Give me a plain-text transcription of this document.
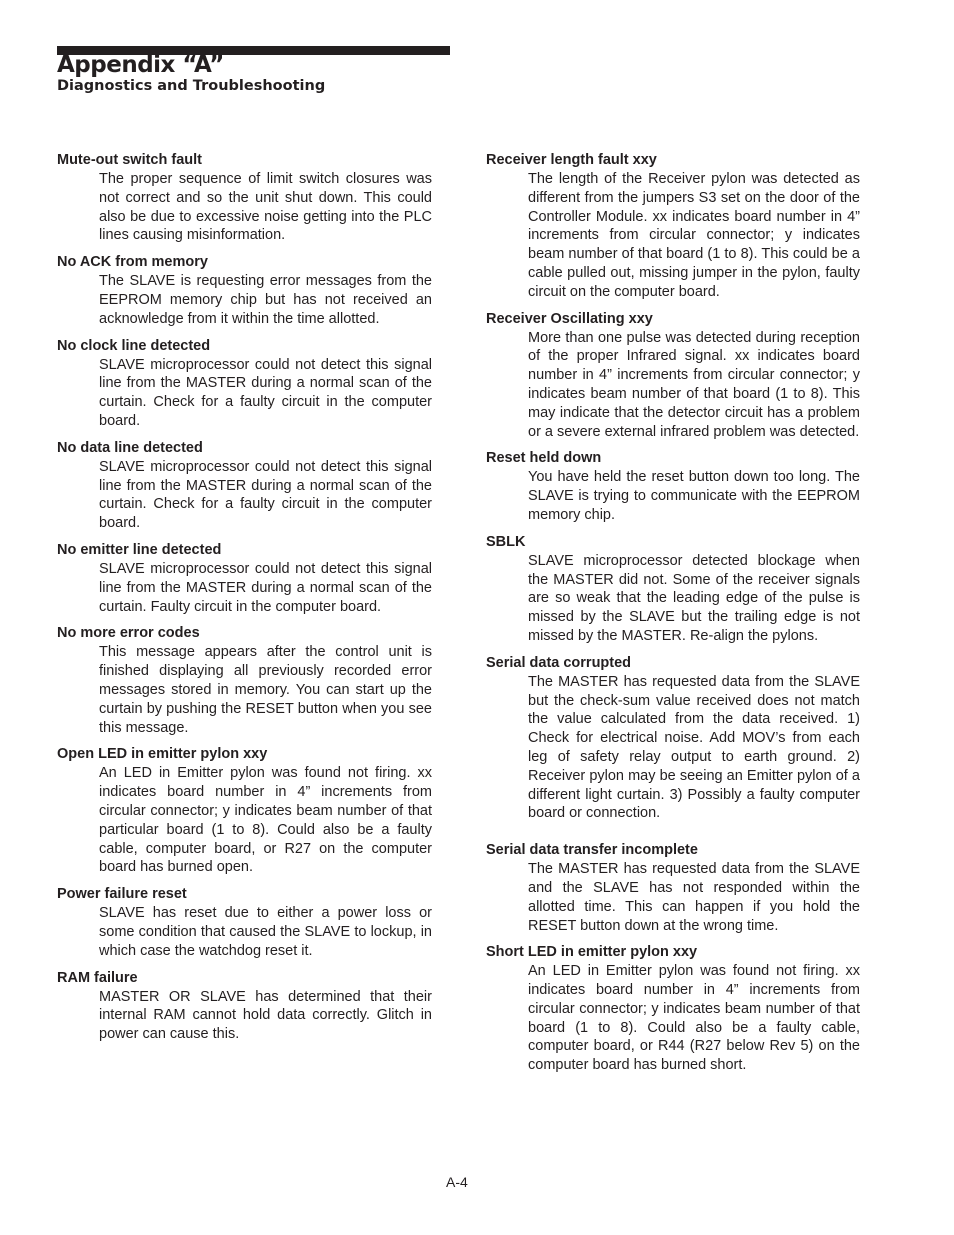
Appendix “A”
Diagnostics and Troubleshooting
Mute-out switch fault

The proper sequence of limit switch closures was not correct and so the unit shut down. This could also be due to excessive noise getting into the PLC lines causing misinformation.

No ACK from memory

The SLAVE is requesting error messages from the EEPROM memory chip but has not received an acknowledge from it within the time allotted.

No clock line detected

SLAVE microprocessor could not detect this signal line from the MASTER during a normal scan of the curtain. Check for a faulty circuit in the computer board.

No data line detected

SLAVE microprocessor could not detect this signal line from the MASTER during a normal scan of the curtain. Check for a faulty circuit in the computer board.

No emitter line detected

SLAVE microprocessor could not detect this signal line from the MASTER during a normal scan of the curtain. Faulty circuit in the computer board.

No more error codes

This message appears after the control unit is finished displaying all previously recorded error messages stored in memory. You can start up the curtain by pushing the RESET button when you see this message.

Open LED in emitter pylon xxy

An LED in Emitter pylon was found not firing. xx indicates board number in 4” increments from circular connector; y indicates beam number of that particular board (1 to 8). Could also be a faulty cable, computer board, or R27 on the computer board has burned open.

Power failure reset

SLAVE has reset due to either a power loss or some condition that caused the SLAVE to lockup, in which case the watchdog reset it.

RAM failure

MASTER OR SLAVE has determined that their internal RAM cannot hold data correctly. Glitch in power can cause this.

Receiver length fault xxy

The length of the Receiver pylon was detected as different from the jumpers S3 set on the door of the Controller Module. xx indicates board number in 4” increments from circular connector; y indicates beam number of that board (1 to 8). This could be a cable pulled out, missing jumper in the pylon, faulty circuit on the computer board.

Receiver Oscillating xxy

More than one pulse was detected during reception of the proper Infrared signal. xx indicates board number in 4” increments from circular connector; y indicates beam number of that board (1 to 8). This may indicate that the detector circuit has a problem or a severe external infrared problem was detected.

Reset held down

You have held the reset button down too long. The SLAVE is trying to communicate with the EEPROM memory chip.

SBLK

SLAVE microprocessor detected blockage when the MASTER did not. Some of the receiver signals are so weak that the leading edge of the pulse is missed by the SLAVE but the trailing edge is not missed by the MASTER. Re-align the pylons.

Serial data corrupted

The MASTER has requested data from the SLAVE but the check-sum value received does not match the value calculated from the data received. 1) Check for electrical noise. Add MOV’s from each leg of safety relay output to earth ground. 2) Receiver pylon may be seeing an Emitter pylon of a different light curtain. 3) Possibly a faulty computer board or connection.

Serial data transfer incomplete

The MASTER has requested data from the SLAVE and the SLAVE has not responded within the allotted time. This can happen if you hold the RESET button down at the wrong time.

Short LED in emitter pylon xxy

An LED in Emitter pylon was found not firing. xx indicates board number in 4” increments from circular connector; y indicates beam number of that board (1 to 8). Could also be a faulty cable, computer board, or R44 (R27 below Rev 5) on the computer board has burned short.

A-4
